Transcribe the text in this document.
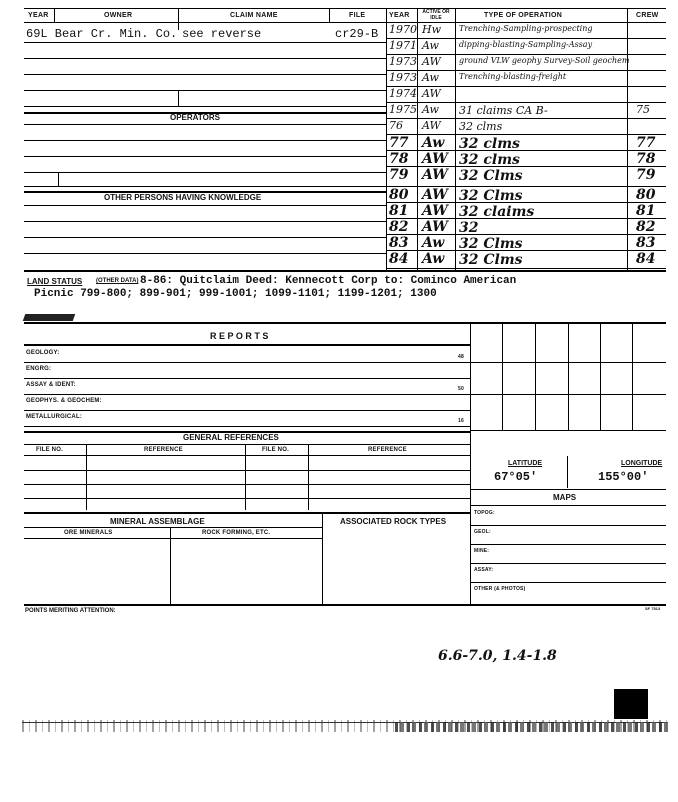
YEAR	OWNER	CLAIM NAME	FILE	YEAR	ACTIVE OR IDLE	TYPE OF OPERATION	CREW
69L Bear Cr. Min. Co. see reverse	cr29-B
OPERATORS
OTHER PERSONS HAVING KNOWLEDGE
1970 Hw Trenching-Sampling-prospecting
1971 Aw	dipping-blasting-Sampling-Assay
1973 AW ground VLW geophy Survey-Soil geochem
1973 Aw	Trenching-blasting-freight
1974 AW
1975 Aw 31 claims CA B-	75
76 AW 32 clms
77 Aw 32 clms	77
78 AW 32 clms	78
79 AW 32 Clms	79
80 AW 32 Clms	80
81 AW 32 claims	81
82 AW 32	82
83 Aw 32 Clms	83
84 Aw 32 Clms	84
LAND STATUS (OTHER DATA) 8-86: Quitclaim Deed: Kennecott Corp to: Cominco American
Picnic 799-800; 899-901; 999-1001; 1099-1101; 1199-1201; 1300
R E P O R T S
GEOLOGY:
48
ENGRG:
ASSAY & IDENT:
50
GEOPHYS. & GEOCHEM:
METALLURGICAL:
16
GENERAL REFERENCES
FILE NO.	REFERENCE	FILE NO.	REFERENCE
LATITUDE	LONGITUDE
67°05'	155°00'
MAPS
TOPOG:
GEOL:
MINE:
ASSAY:
OTHER (& PHOTOS)
MINERAL ASSEMBLAGE	ASSOCIATED ROCK TYPES
ORE MINERALS	ROCK FORMING, ETC.
POINTS MERITING ATTENTION:	SF 7513
6.6-7.0, 1.4-1.8
